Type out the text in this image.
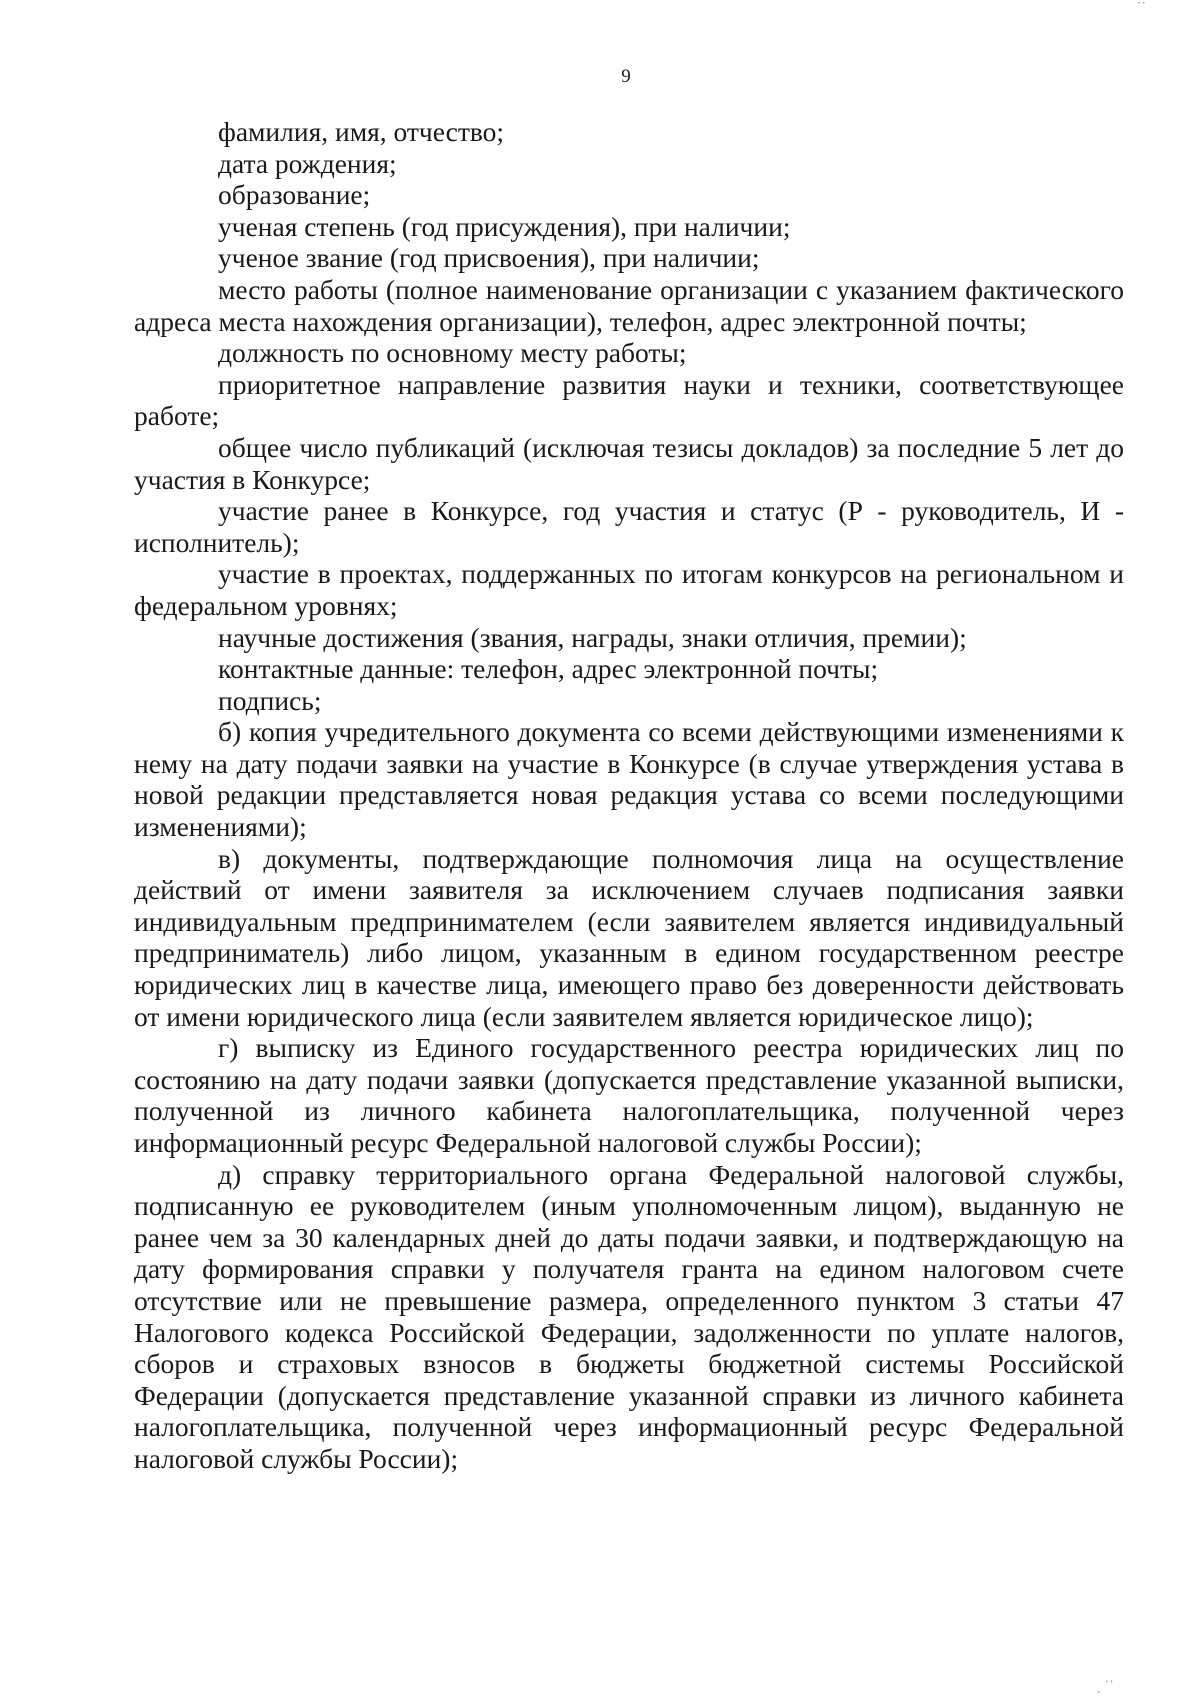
9

фамилия, имя, отчество;

дата рождения;

образование;

ученая степень (год присуждения), при наличии;

ученое звание (год присвоения), при наличии;

место работы (полное наименование организации с указанием фактического адреса места нахождения организации), телефон, адрес электронной почты;

должность по основному месту работы;

приоритетное направление развития науки и техники, соответствующее работе;

общее число публикаций (исключая тезисы докладов) за последние 5 лет до участия в Конкурсе;

участие ранее в Конкурсе, год участия и статус (Р - руководитель, И - исполнитель);

участие в проектах, поддержанных по итогам конкурсов на региональном и федеральном уровнях;

научные достижения (звания, награды, знаки отличия, премии);

контактные данные: телефон, адрес электронной почты;

подпись;

б) копия учредительного документа со всеми действующими изменениями к нему на дату подачи заявки на участие в Конкурсе (в случае утверждения устава в новой редакции представляется новая редакция устава со всеми последующими изменениями);

в) документы, подтверждающие полномочия лица на осуществление действий от имени заявителя за исключением случаев подписания заявки индивидуальным предпринимателем (если заявителем является индивидуальный предприниматель) либо лицом, указанным в едином государственном реестре юридических лиц в качестве лица, имеющего право без доверенности действовать от имени юридического лица (если заявителем является юридическое лицо);

г) выписку из Единого государственного реестра юридических лиц по состоянию на дату подачи заявки (допускается представление указанной выписки, полученной из личного кабинета налогоплательщика, полученной через информационный ресурс Федеральной налоговой службы России);

д) справку территориального органа Федеральной налоговой службы, подписанную ее руководителем (иным уполномоченным лицом), выданную не ранее чем за 30 календарных дней до даты подачи заявки, и подтверждающую на дату формирования справки у получателя гранта на едином налоговом счете отсутствие или не превышение размера, определенного пунктом 3 статьи 47 Налогового кодекса Российской Федерации, задолженности по уплате налогов, сборов и страховых взносов в бюджеты бюджетной системы Российской Федерации (допускается представление указанной справки из личного кабинета налогоплательщика, полученной через информационный ресурс Федеральной налоговой службы России);

˙˙
ˌ ˈˈ
